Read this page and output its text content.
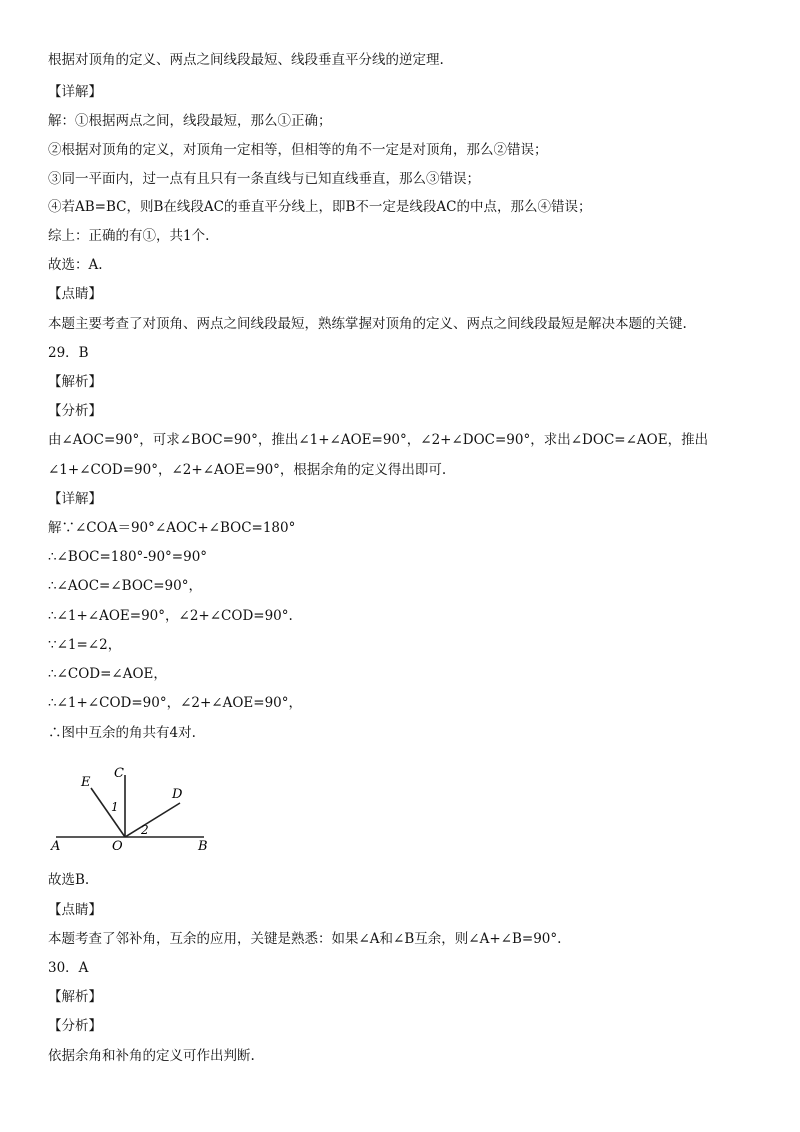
根据对顶角的定义、两点之间线段最短、线段垂直平分线的逆定理.
【详解】
解：①根据两点之间，线段最短，那么①正确；
②根据对顶角的定义，对顶角一定相等，但相等的角不一定是对顶角，那么②错误；
③同一平面内，过一点有且只有一条直线与已知直线垂直，那么③错误；
④若AB=BC，则B在线段AC的垂直平分线上，即B不一定是线段AC的中点，那么④错误；
综上：正确的有①，共1个.
故选：A.
【点睛】
本题主要考查了对顶角、两点之间线段最短，熟练掌握对顶角的定义、两点之间线段最短是解决本题的关键.
29．B
【解析】
【分析】
由∠AOC=90°，可求∠BOC=90°，推出∠1+∠AOE=90°，∠2+∠DOC=90°，求出∠DOC=∠AOE，推出
∠1+∠COD=90°，∠2+∠AOE=90°，根据余角的定义得出即可.
【详解】
解∵∠COA＝90°∠AOC+∠BOC=180°
∴∠BOC=180°-90°=90°
∴∠AOC=∠BOC=90°，
∴∠1+∠AOE=90°，∠2+∠COD=90°.
∵∠1=∠2，
∴∠COD=∠AOE，
∴∠1+∠COD=90°，∠2+∠AOE=90°，
∴图中互余的角共有4对.
E
C
D
1
2
A	O	B
故选B.
【点睛】
本题考查了邻补角，互余的应用，关键是熟悉：如果∠A和∠B互余，则∠A+∠B=90°.
30．A
【解析】
【分析】
依据余角和补角的定义可作出判断.
